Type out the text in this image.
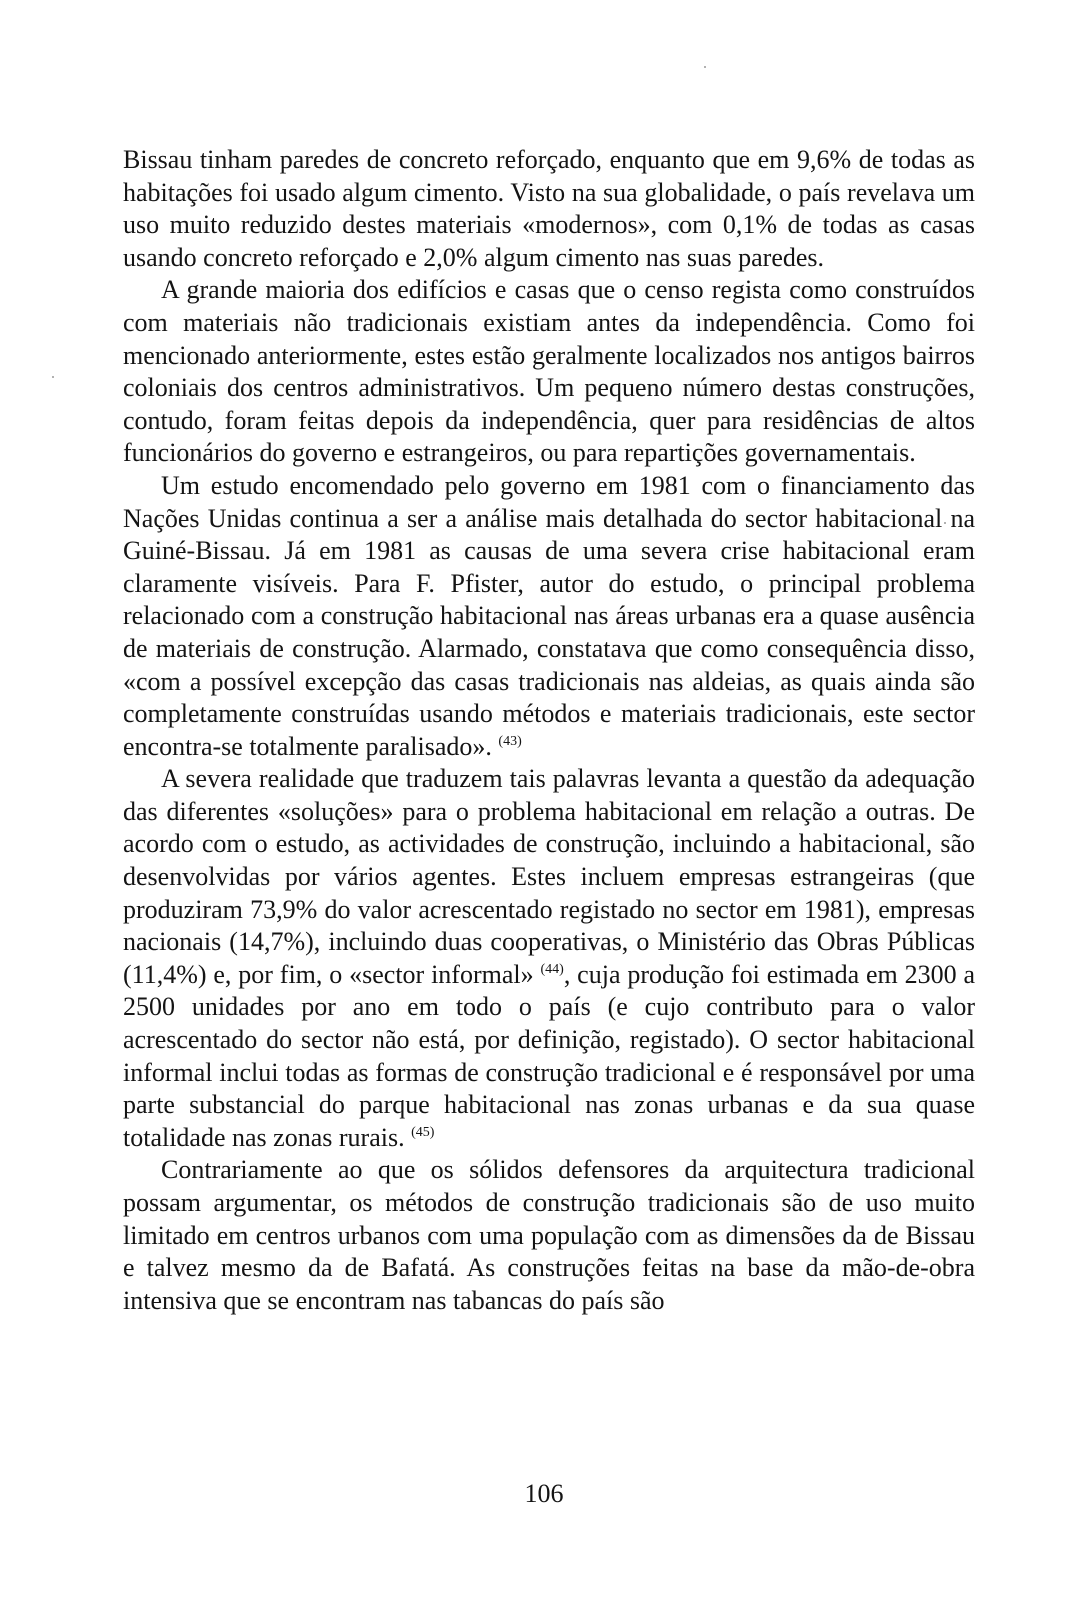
Bissau tinham paredes de concreto reforçado, enquanto que em 9,6% de todas as habitações foi usado algum cimento. Visto na sua globalidade, o país revelava um uso muito reduzido destes materiais «modernos», com 0,1% de todas as casas usando concreto reforçado e 2,0% algum cimento nas suas paredes.

A grande maioria dos edifícios e casas que o censo regista como construídos com materiais não tradicionais existiam antes da independência. Como foi mencionado anteriormente, estes estão geralmente localizados nos antigos bairros coloniais dos centros administrativos. Um pequeno número destas construções, contudo, foram feitas depois da independência, quer para residências de altos funcionários do governo e estrangeiros, ou para repartições governamentais.

Um estudo encomendado pelo governo em 1981 com o financiamento das Nações Unidas continua a ser a análise mais detalhada do sector habitacional na Guiné-Bissau. Já em 1981 as causas de uma severa crise habitacional eram claramente visíveis. Para F. Pfister, autor do estudo, o principal problema relacionado com a construção habitacional nas áreas urbanas era a quase ausência de materiais de construção. Alarmado, constatava que como consequência disso, «com a possível excepção das casas tradicionais nas aldeias, as quais ainda são completamente construídas usando métodos e materiais tradicionais, este sector encontra-se totalmente paralisado». $^{(43)}$

A severa realidade que traduzem tais palavras levanta a questão da adequação das diferentes «soluções» para o problema habitacional em relação a outras. De acordo com o estudo, as actividades de construção, incluindo a habitacional, são desenvolvidas por vários agentes. Estes incluem empresas estrangeiras (que produziram 73,9% do valor acrescentado registado no sector em 1981), empresas nacionais (14,7%), incluindo duas cooperativas, o Ministério das Obras Públicas (11,4%) e, por fim, o «sector informal» $^{(44)}$, cuja produção foi estimada em 2300 a 2500 unidades por ano em todo o país (e cujo contributo para o valor acrescentado do sector não está, por definição, registado). O sector habitacional informal inclui todas as formas de construção tradicional e é responsável por uma parte substancial do parque habitacional nas zonas urbanas e da sua quase totalidade nas zonas rurais. $^{(45)}$

Contrariamente ao que os sólidos defensores da arquitectura tradicional possam argumentar, os métodos de construção tradicionais são de uso muito limitado em centros urbanos com uma população com as dimensões da de Bissau e talvez mesmo da de Bafatá. As construções feitas na base da mão-de-obra intensiva que se encontram nas tabancas do país são

106
